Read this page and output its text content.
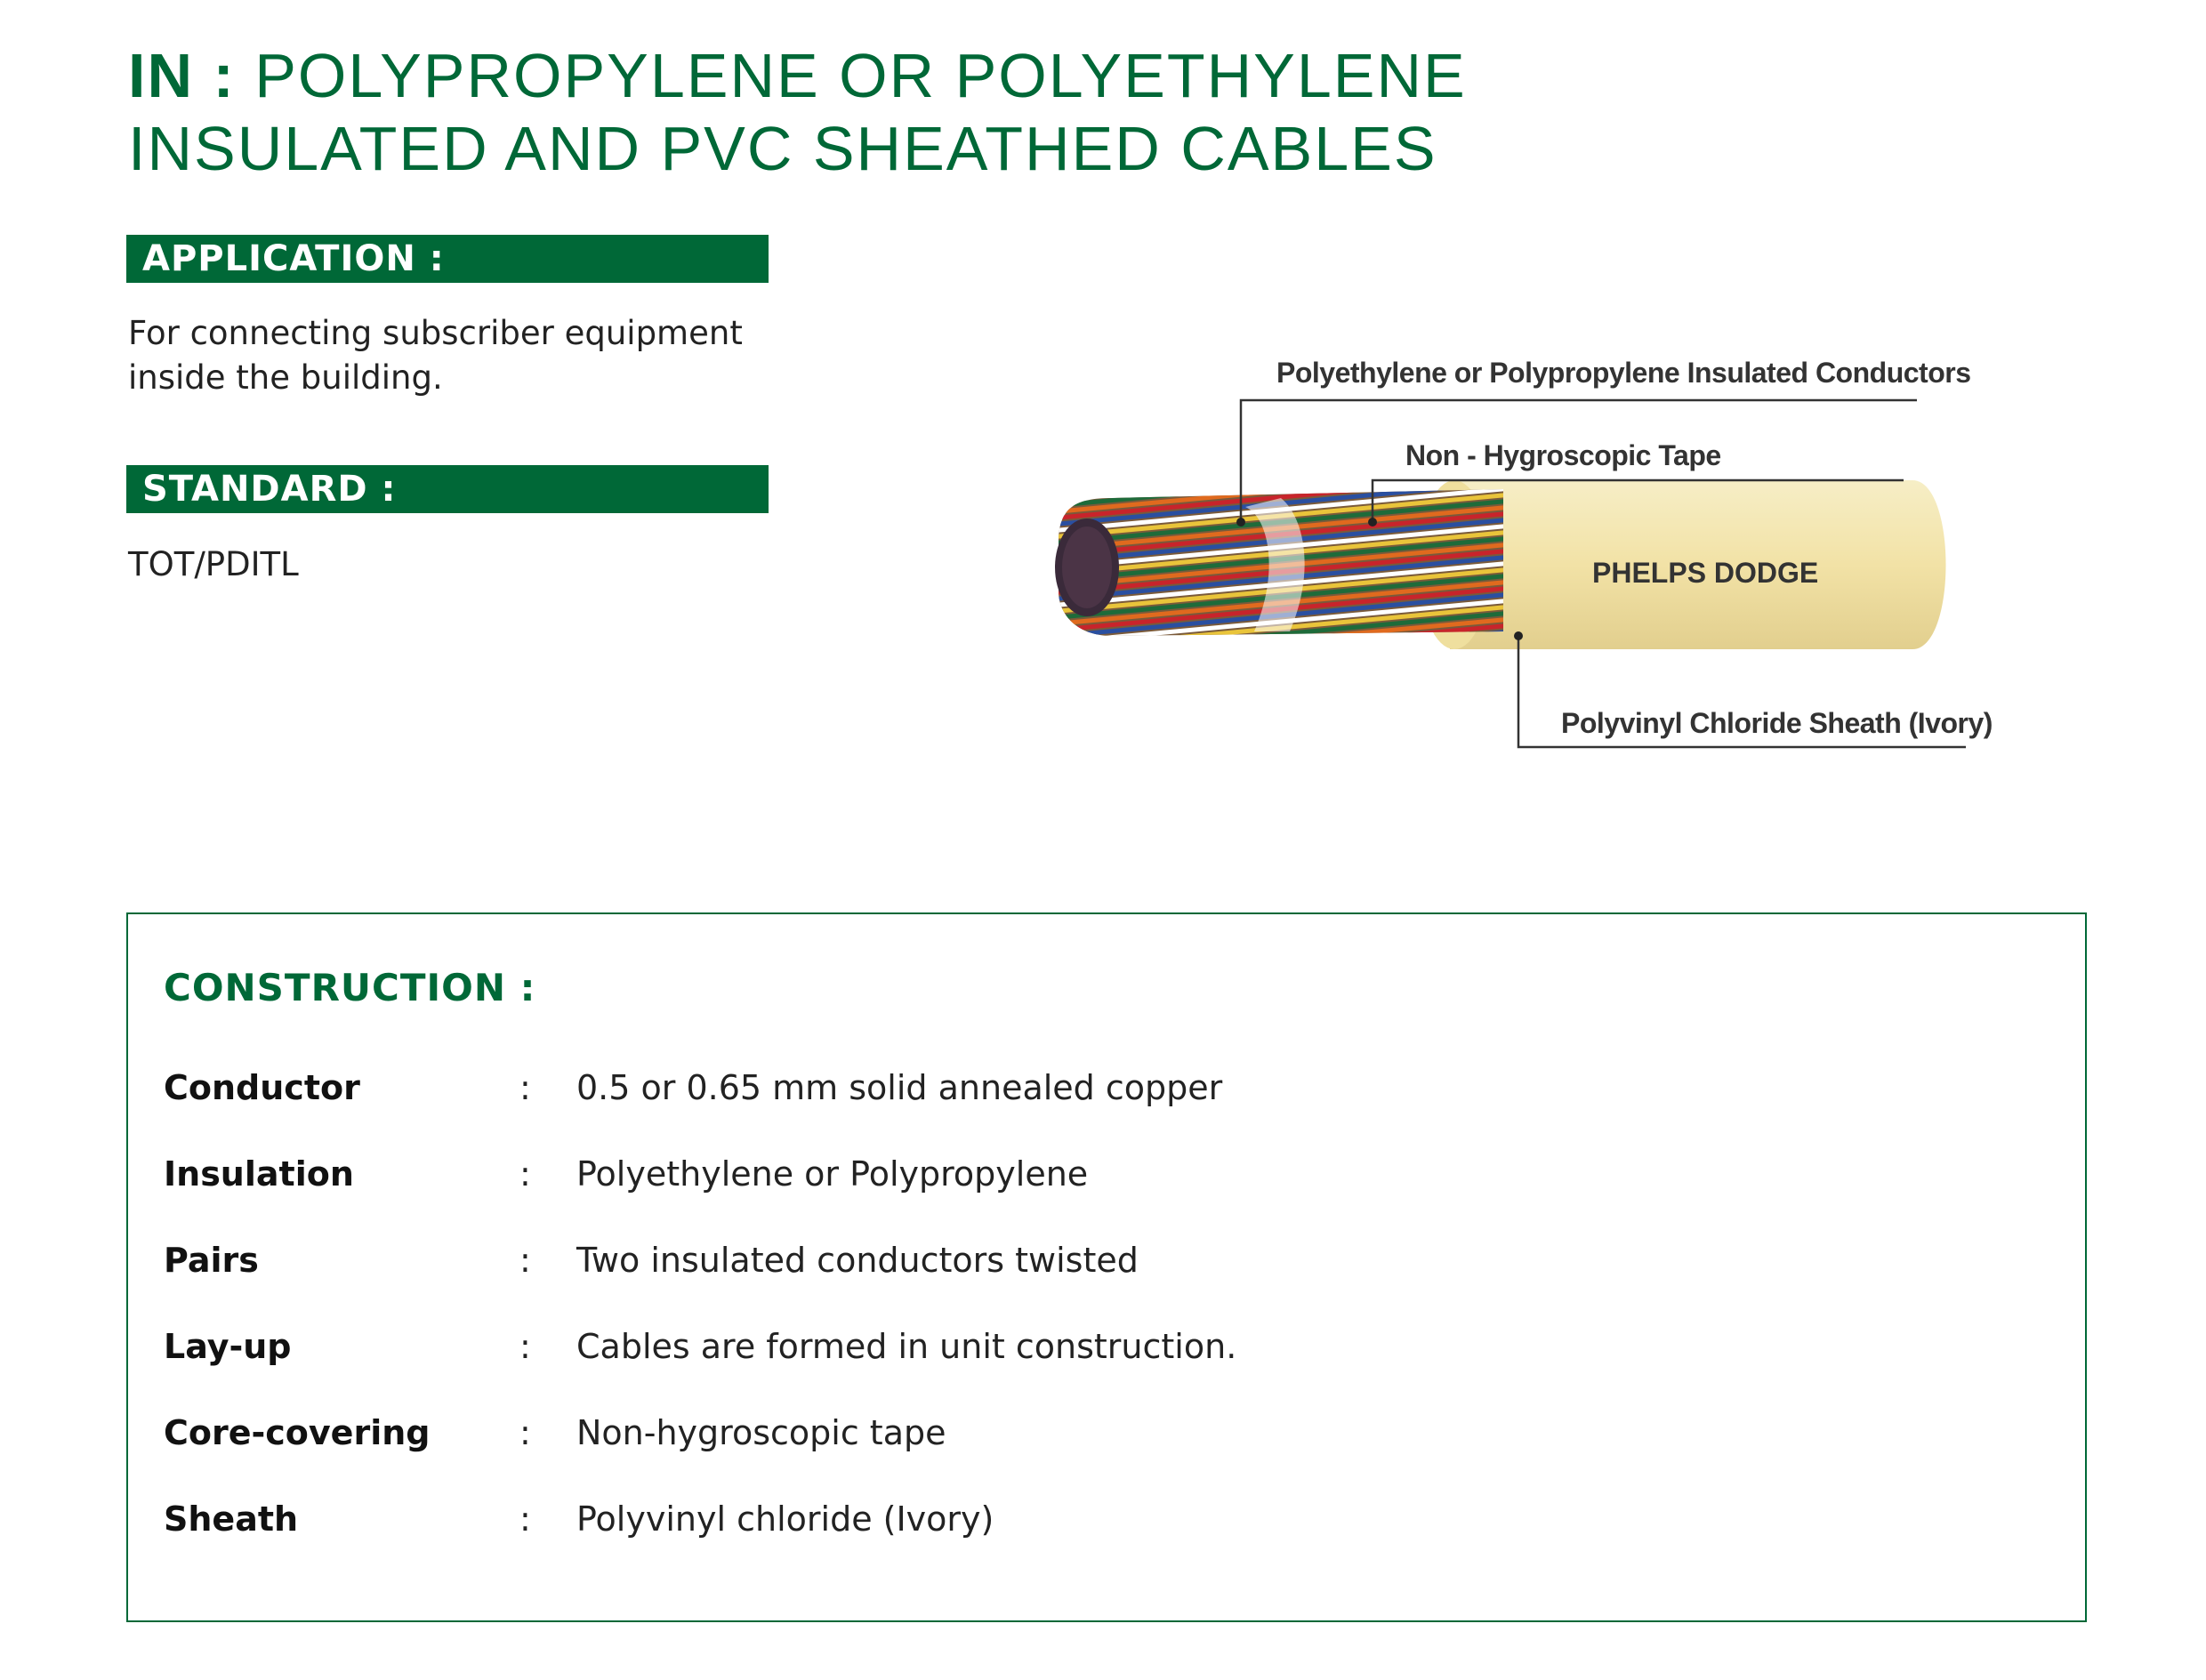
IN : POLYPROPYLENE OR POLYETHYLENE
INSULATED AND PVC SHEATHED CABLES
APPLICATION :
For connecting subscriber equipment
inside the building.
STANDARD :
TOT/PDITL	PHELPS DODGE
Polyethylene or Polypropylene Insulated Conductors
Non - Hygroscopic Tape
Polyvinyl Chloride Sheath (Ivory)
CONSTRUCTION :
Conductor	: 0.5 or 0.65 mm solid annealed copper
Insulation	: Polyethylene or Polypropylene
Pairs	: Two insulated conductors twisted
Lay-up	: Cables are formed in unit construction.
Core-covering	: Non-hygroscopic tape
Sheath	: Polyvinyl chloride (Ivory)
